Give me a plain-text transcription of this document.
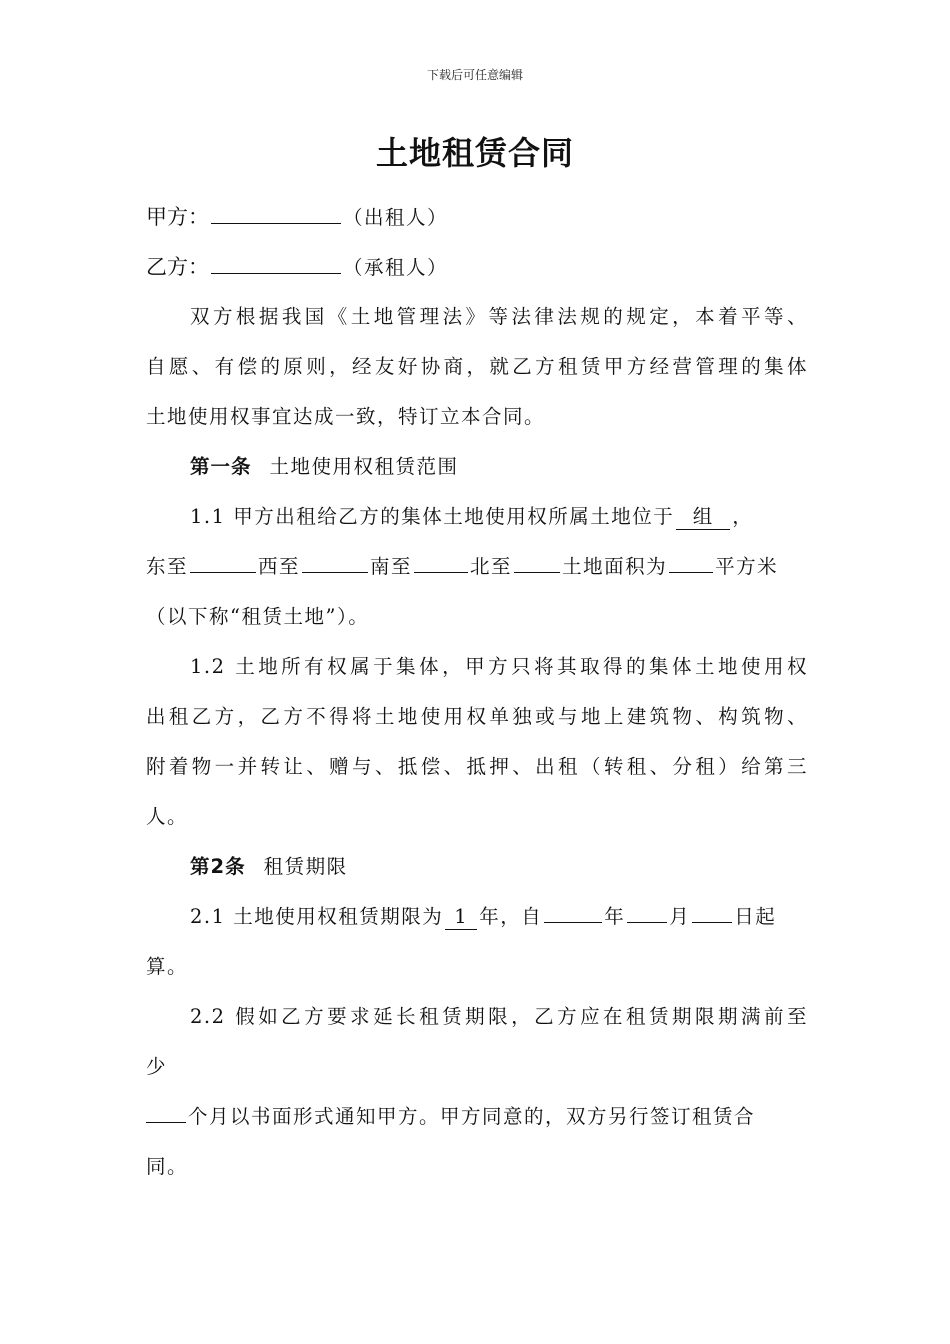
下载后可任意编辑
土地租赁合同
甲方：	（出租人）
乙方：	（承租人）
双方根据我国《土地管理法》等法律法规的规定，本着平等、
自愿、有偿的原则，经友好协商，就乙方租赁甲方经营管理的集体
土地使用权事宜达成一致，特订立本合同。
第一条 土地使用权租赁范围
1.1 甲方出租给乙方的集体土地使用权所属土地位于 组 ，
东至	西至	南至	北至	土地面积为 平方米
（以下称“租赁土地”）。
1.2 土地所有权属于集体，甲方只将其取得的集体土地使用权
出租乙方，乙方不得将土地使用权单独或与地上建筑物、构筑物、
附着物一并转让、赠与、抵偿、抵押、出租（转租、分租）给第三
人。
第2条 租赁期限
2.1 土地使用权租赁期限为 1 年，自	年 月 日起
算。
2.2 假如乙方要求延长租赁期限，乙方应在租赁期限期满前至
少
个月以书面形式通知甲方。甲方同意的，双方另行签订租赁合
同。
